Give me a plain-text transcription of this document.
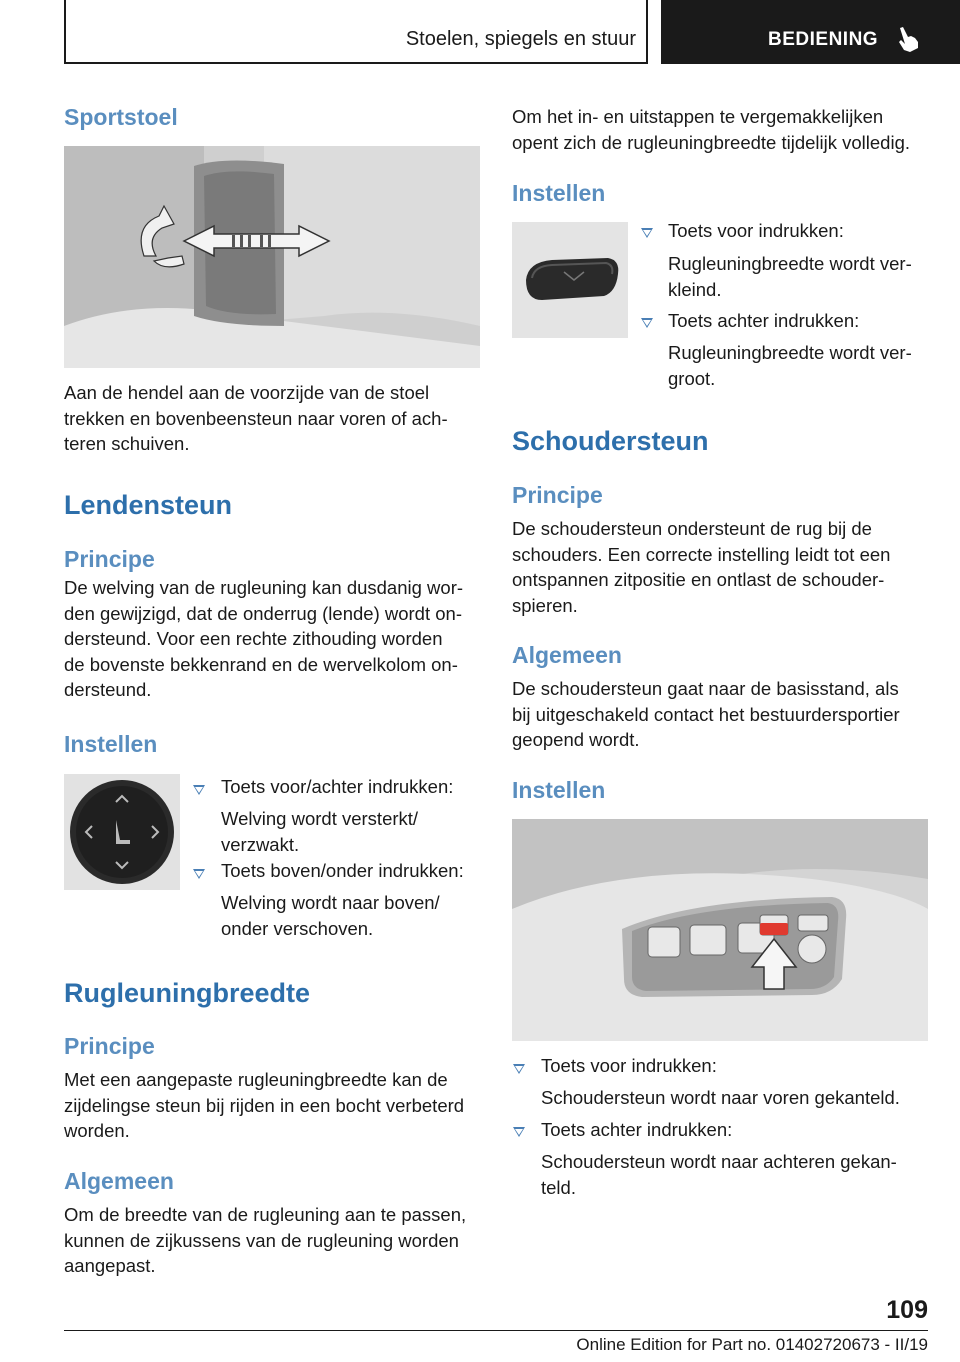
Stoelen, spiegels en stuur	BEDIENING
Sportstoel
Aan de hendel aan de voorzijde van de stoel
trekken en bovenbeensteun naar voren of ach-
teren schuiven.
Lendensteun
Principe
De welving van de rugleuning kan dusdanig wor-
den gewijzigd, dat de onderrug (lende) wordt on-
dersteund. Voor een rechte zithouding worden
de bovenste bekkenrand en de wervelkolom on-
dersteund.
Instellen
Toets voor/achter indrukken:
Welving wordt versterkt/
verzwakt.
Toets boven/onder indrukken:
Welving wordt naar boven/
onder verschoven.
Rugleuningbreedte
Principe
Met een aangepaste rugleuningbreedte kan de
zijdelingse steun bij rijden in een bocht verbeterd
worden.
Algemeen
Om de breedte van de rugleuning aan te passen,
kunnen de zijkussens van de rugleuning worden
aangepast.
Om het in- en uitstappen te vergemakkelijken
opent zich de rugleuningbreedte tijdelijk volledig.
Instellen
Toets voor indrukken:
Rugleuningbreedte wordt ver-
kleind.
Toets achter indrukken:
Rugleuningbreedte wordt ver-
groot.
Schoudersteun
Principe
De schoudersteun ondersteunt de rug bij de
schouders. Een correcte instelling leidt tot een
ontspannen zitpositie en ontlast de schouder-
spieren.
Algemeen
De schoudersteun gaat naar de basisstand, als
bij uitgeschakeld contact het bestuurdersportier
geopend wordt.
Instellen
Toets voor indrukken:
Schoudersteun wordt naar voren gekanteld.
Toets achter indrukken:
Schoudersteun wordt naar achteren gekan-
teld.
109
Online Edition for Part no. 01402720673 - II/19
